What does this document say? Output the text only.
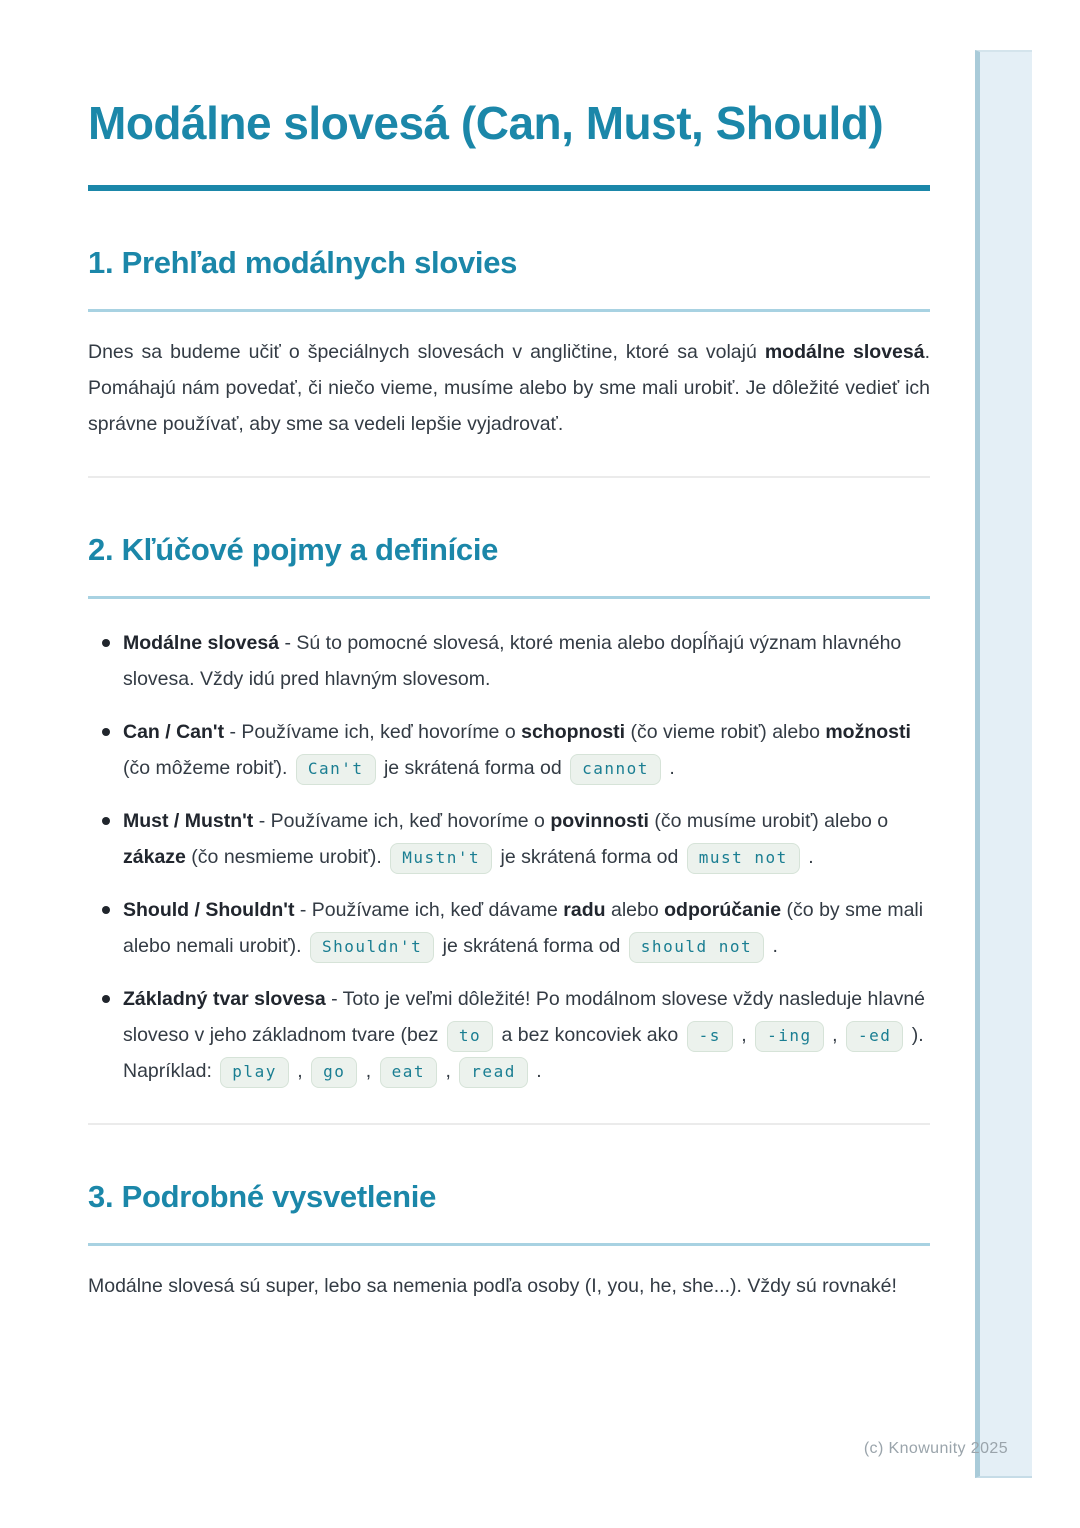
Modálne slovesá (Can, Must, Should)
1. Prehľad modálnych slovies

Dnes sa budeme učiť o špeciálnych slovesách v angličtine, ktoré sa volajú modálne slovesá. Pomáhajú nám povedať, či niečo vieme, musíme alebo by sme mali urobiť. Je dôležité vedieť ich správne používať, aby sme sa vedeli lepšie vyjadrovať.

2. Kľúčové pojmy a definície
Modálne slovesá - Sú to pomocné slovesá, ktoré menia alebo dopĺňajú význam hlavného slovesa. Vždy idú pred hlavným slovesom.
Can / Can't - Používame ich, keď hovoríme o schopnosti (čo vieme robiť) alebo možnosti (čo môžeme robiť). Can't je skrátená forma od cannot .
Must / Mustn't - Používame ich, keď hovoríme o povinnosti (čo musíme urobiť) alebo o zákaze (čo nesmieme urobiť). Mustn't je skrátená forma od must not .
Should / Shouldn't - Používame ich, keď dávame radu alebo odporúčanie (čo by sme mali alebo nemali urobiť). Shouldn't je skrátená forma od should not .
Základný tvar slovesa - Toto je veľmi dôležité! Po modálnom slovese vždy nasleduje hlavné sloveso v jeho základnom tvare (bez to a bez koncoviek ako -s , -ing , -ed ). Napríklad: play , go , eat , read .
3. Podrobné vysvetlenie

Modálne slovesá sú super, lebo sa nemenia podľa osoby (I, you, he, she...). Vždy sú rovnaké!

(c) Knowunity 2025
